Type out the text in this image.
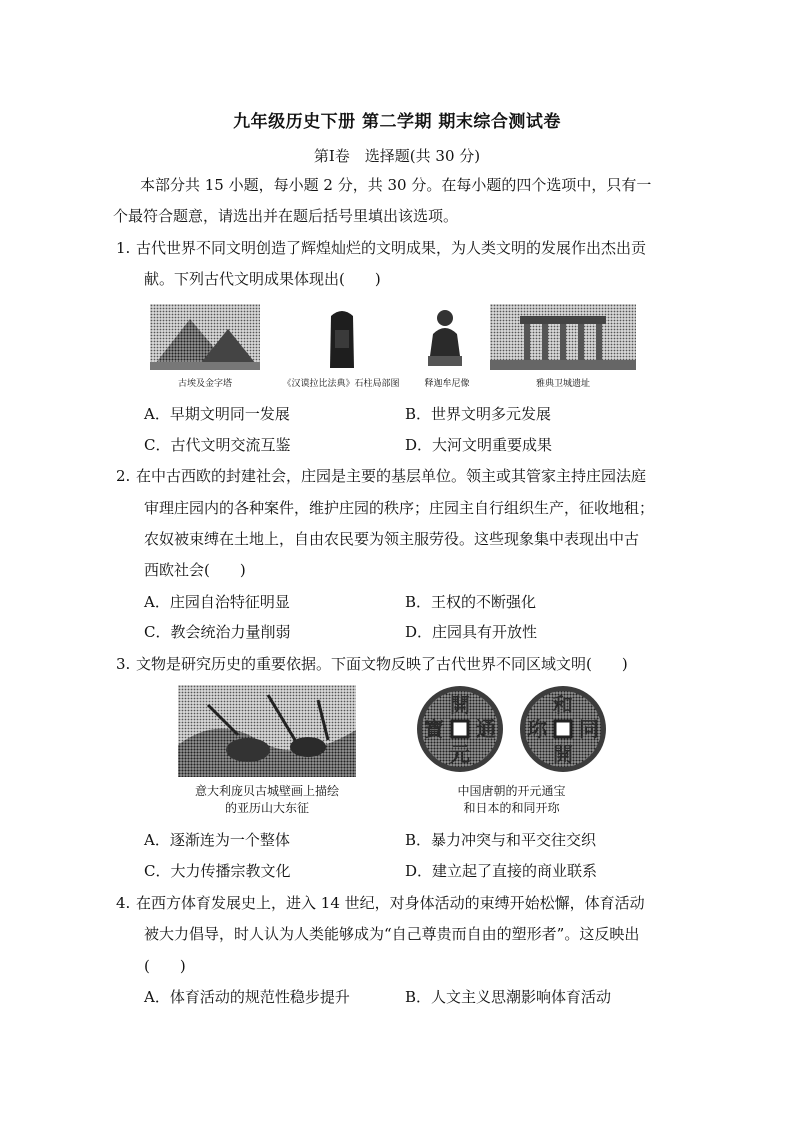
九年级历史下册 第二学期 期末综合测试卷
第Ⅰ卷　选择题(共 30 分)
本部分共 15 小题，每小题 2 分，共 30 分。在每小题的四个选项中，只有一
个最符合题意，请选出并在题后括号里填出该选项。
1. 古代世界不同文明创造了辉煌灿烂的文明成果，为人类文明的发展作出杰出贡
献。下列古代文明成果体现出(　　)
古埃及金字塔	《汉谟拉比法典》石柱局部图	释迦牟尼像	雅典卫城遗址
A．早期文明同一发展	B．世界文明多元发展
C．古代文明交流互鉴	D．大河文明重要成果
2. 在中古西欧的封建社会，庄园是主要的基层单位。领主或其管家主持庄园法庭
审理庄园内的各种案件，维护庄园的秩序；庄园主自行组织生产，征收地租；
农奴被束缚在土地上，自由农民要为领主服劳役。这些现象集中表现出中古
西欧社会(　　)
A．庄园自治特征明显	B．王权的不断强化
C．教会统治力量削弱	D．庄园具有开放性
3. 文物是研究历史的重要依据。下面文物反映了古代世界不同区域文明(　　)
開
元
通
寶
和
同
開
珎
意大利庞贝古城壁画上描绘
的亚历山大东征
中国唐朝的开元通宝
和日本的和同开珎
A．逐渐连为一个整体	B．暴力冲突与和平交往交织
C．大力传播宗教文化	D．建立起了直接的商业联系
4. 在西方体育发展史上，进入 14 世纪，对身体活动的束缚开始松懈，体育活动
被大力倡导，时人认为人类能够成为“自己尊贵而自由的塑形者”。这反映出
(　　)
A．体育活动的规范性稳步提升	B．人文主义思潮影响体育活动
